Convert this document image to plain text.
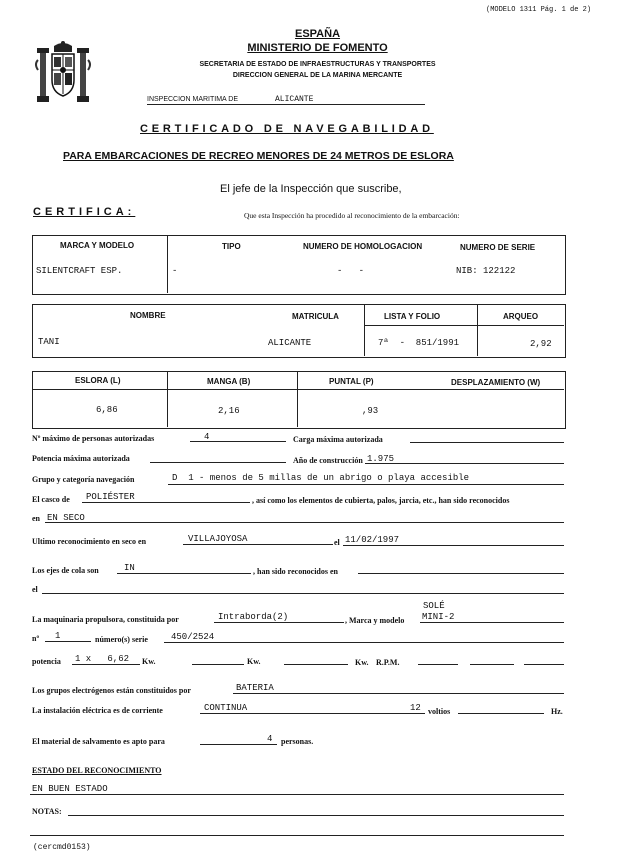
(MODELO 1311 Pág. 1 de 2)
ESPAÑA
MINISTERIO DE FOMENTO
SECRETARIA DE ESTADO DE INFRAESTRUCTURAS Y TRANSPORTES
DIRECCION GENERAL DE LA MARINA MERCANTE
INSPECCION MARITIMA DE	ALICANTE
CERTIFICADO DE NAVEGABILIDAD
PARA EMBARCACIONES DE RECREO MENORES DE 24 METROS DE ESLORA
El jefe de la Inspección que suscribe,
CERTIFICA:	Que esta Inspección ha procedido al reconocimiento de la embarcación:
MARCA Y MODELO	TIPO	NUMERO DE HOMOLOGACION	NUMERO DE SERIE
SILENTCRAFT ESP.	-	-   -	NIB: 122122
NOMBRE	MATRICULA	LISTA Y FOLIO	ARQUEO
TANI	ALICANTE	7ª  -  851/1991	2,92
ESLORA (L)	MANGA (B)	PUNTAL (P)	DESPLAZAMIENTO (W)
6,86	2,16	,93
Nº máximo de personas autorizadas	4	Carga máxima autorizada
Potencia máxima autorizada	Año de construcción 1.975
Grupo y categoría navegación	D  1 - menos de 5 millas de un abrigo o playa accesible
El casco de POLIÉSTER	, así como los elementos de cubierta, palos, jarcia, etc., han sido reconocidos
en EN SECO
Ultimo reconocimiento en seco en	VILLAJOYOSA	el 11/02/1997
Los ejes de cola son	IN	, han sido reconocidos en
el
La maquinaria propulsora, constituida por	Intraborda(2)	, Marca y modelo
SOLÉ
MINI-2
nº 1	número(s) serie	450/2524
potencia 1 x   6,62 Kw.	Kw.	Kw. R.P.M.
Los grupos electrógenos están constituidos por	BATERIA
La instalación eléctrica es de corriente	CONTINUA	12 voltios	Hz.
El material de salvamento es apto para	4 personas.
ESTADO DEL RECONOCIMIENTO
EN BUEN ESTADO
NOTAS:
(cercmd0153)
